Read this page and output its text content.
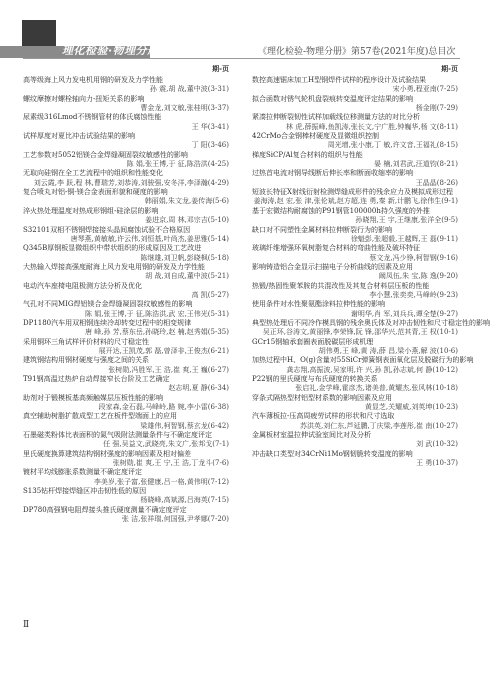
理化检验·物理分册	《理化检验-物理分册》第57卷(2021年度)总目次
期-页
高等级海上风力发电机用钢的研发及力学性能
孙 震,胡 战,董中波(3-31)
螺纹摩擦对螺栓轴向力-扭矩关系的影响
曹金龙,刘文敏,张桂明(3-37)
尿素级316Lmod不锈钢管材的体氏腐蚀性能
王 华(3-41)
试样厚度对夏比冲击试验结果的影响
丁 阳(3-46)
工艺参数对5052铝镁合金焊缝凝固裂纹敏感性的影响
陈 娟,张王博,于 征,陈浩洪(4-25)
无取向硅钢在全工艺流程中的组织和性能变化
刘云霞,李 跃,程 林,曹瑞芳,刘恭涛,刘骏强,安冬洋,李泽瀚(4-29)
复合喷丸对铝-铜-镁合金表面形貌和硬度的影响
韩丽娟,朱文龙,姜传海(5-6)
淬火热处理温度对热成形钢组-硅涂层的影响
姜进京,周 林,邓宗吉(5-10)
S32101双相不锈钢焊接接头晶间腐蚀试验不合格原因
唐琴燕,黄敏敏,许云伟,刘恒基,叶尚杰,姜思雅(5-14)
Q345B厚钢板显微组织中带状组织的形成原因及工艺改进
陈继雄,刘卫帆,彭晓枫(5-18)
大热输入焊接高强度耐海上风力发电用钢的研发及力学性能
胡 战,刘自成,董中波(5-21)
电动汽车座椅电阻极测方法分析及优化
高 凯(5-27)
气孔对不同MIG焊铝镁合金焊缝凝固裂纹敏感性的影响
陈 娟,张王博,于 征,陈浩洪,武 宏,王伟光(5-31)
DP1180汽车用双相钢连续冷却转变过程中的相变规律
唐 峰,孙 芳,蔡东岳,孙晓玲,赵 楠,赵秀娟(5-35)
采用铜环三角试样评价材料的尺寸稳定性
展开达,王凯茂,郭 磊,曾泽非,王俊杰(6-21)
建筑钢结构用钢材硬度与强度之间的关系
张树勋,冯胜军,王 浩,崔 爽,王 巍(6-27)
T91钢高温过热炉自动焊接窄长台阶及工艺确定
赵志明,夏 静(6-34)
助剂对于锻模板基高频触媒层压板性能的影响
段家森,金石磊,马峰岭,路 婉,李小雷(6-38)
真空辅助树脂扩散成型工艺在板件型端面上的应用
梁雄伟,柯智钢,蔡玄龙(6-42)
石墨磁类粉体比表面积的氮气吸附法测量条件与不确定度评定
任 强,吴益文,武晓亮,朱文广,张邦戈(7-1)
里氏硬度换算建筑结构钢材强度的影响因素及相对偏差
张树勋,崔 爽,王 宁,王 浩,丁龙斗(7-6)
镀材平均线膨胀系数测量不确定度评定
李美岁,张子富,张健康,吕一格,黄伟明(7-12)
S135钻杆焊接焊缝区冲击韧性低的原因
杨晓峰,高斌源,吕海英(7-15)
DP780高强钢电阻焊接头推氏硬度测量不确定度评定
张 洁,张祥瑞,何国强,尹孝娜(7-20)
期-页
数控高速锯床加工H型钢焊件试样的程序设计及试验结果
宋小勇,程亚南(7-25)
拟合函数对锈气轮机盘裂痕转变温度评定结果的影响
杨金刚(7-29)
紧凑拉伸断裂韧性试样加载线位移测量方法的对比分析
林 虎,薛振峰,鱼凯涛,张长文,宁广胜,钟巍华,杨 文(8-11)
42CrMo合金钢棒材硬度及显微组织控制
周光增,张小康,丁 敏,许文音,王福礼(8-15)
梯度SiCP/Al复合材料的组织与性能
晏 楠,刘君武,汪道钧(8-21)
过热首电流对钢导线断后伸长率和断面收缩率的影响
王晶晶(8-26)
短波长特征X射线衍射检测焊缝成形件的残余应力及模拟成形过程
姜海涛,赵 宏,张 津,张伦斌,赵方超,连 勇,秦 新,计鹏飞,徐伟生(9-1)
基于宏微结构耐腐蚀的P91钢管100000h持久强度的外推
孙晓翔,王 宇,王继康,张洋全(9-5)
缺口对不同塑性金属材料拉伸断裂行为的影响
徐魁彭,张超毅,王越辉,王 磊(9-11)
玻璃纤维增强环氧树脂复合材料的弯曲性能及破坏特征
蔡文龙,冯少铮,柯智钢(9-16)
影响铸造铝合金显示扫描电子分析曲线的因素及应用
阚凤伍,朱 宝,陈 逸(9-20)
热锻/热固性聚苯胺的共混改性及其复合材料层压板的性能
李小慧,张奕奕,马峰岭(9-23)
使用条件对水性聚氨酯涂料拉伸性能的影响
谢明华,肖 军,刘兵兵,谭全楚(9-27)
典型热处理后不同冷作模具钢的残余奥氏体及对冲击韧性和尺寸稳定性的影响
吴正环,谷涛文,黄丽锋,李荣锋,阮 锋,邵华兴,范其青,王 权(10-1)
GCr15钢轴承套圈表面脱碳层形成机理
胡伟勇,王 峰,黄 涛,薛 昌,梁小燕,解 波(10-6)
加热过程中H、O(g)含量对55SiCr弹簧钢表面氧化层及脱碳行为的影响
龚志翔,高振波,吴家明,许 兴,孙 凯,孙志斌,何 静(10-12)
P22钢的里氏硬度与布氏硬度的转换关系
张启礼,金学峰,霍彦杰,诸美普,黄耀杰,张风林(10-18)
穿条式隔热型材铝型材系数的影响因素及应用
黄显芝,关耀威,刘英坤(10-23)
汽车薄板拉-压高周疲劳试样的形状和尺寸选取
苏洪英,刘仁东,芦延鹏,丁庆梁,李莲彤,崔 南(10-27)
金属板材室温拉伸试验室间比对及分析
刘 武(10-32)
冲击缺口类型对34CrNi1Mo钢韧脆转变温度的影响
王 勇(10-37)
Ⅱ
